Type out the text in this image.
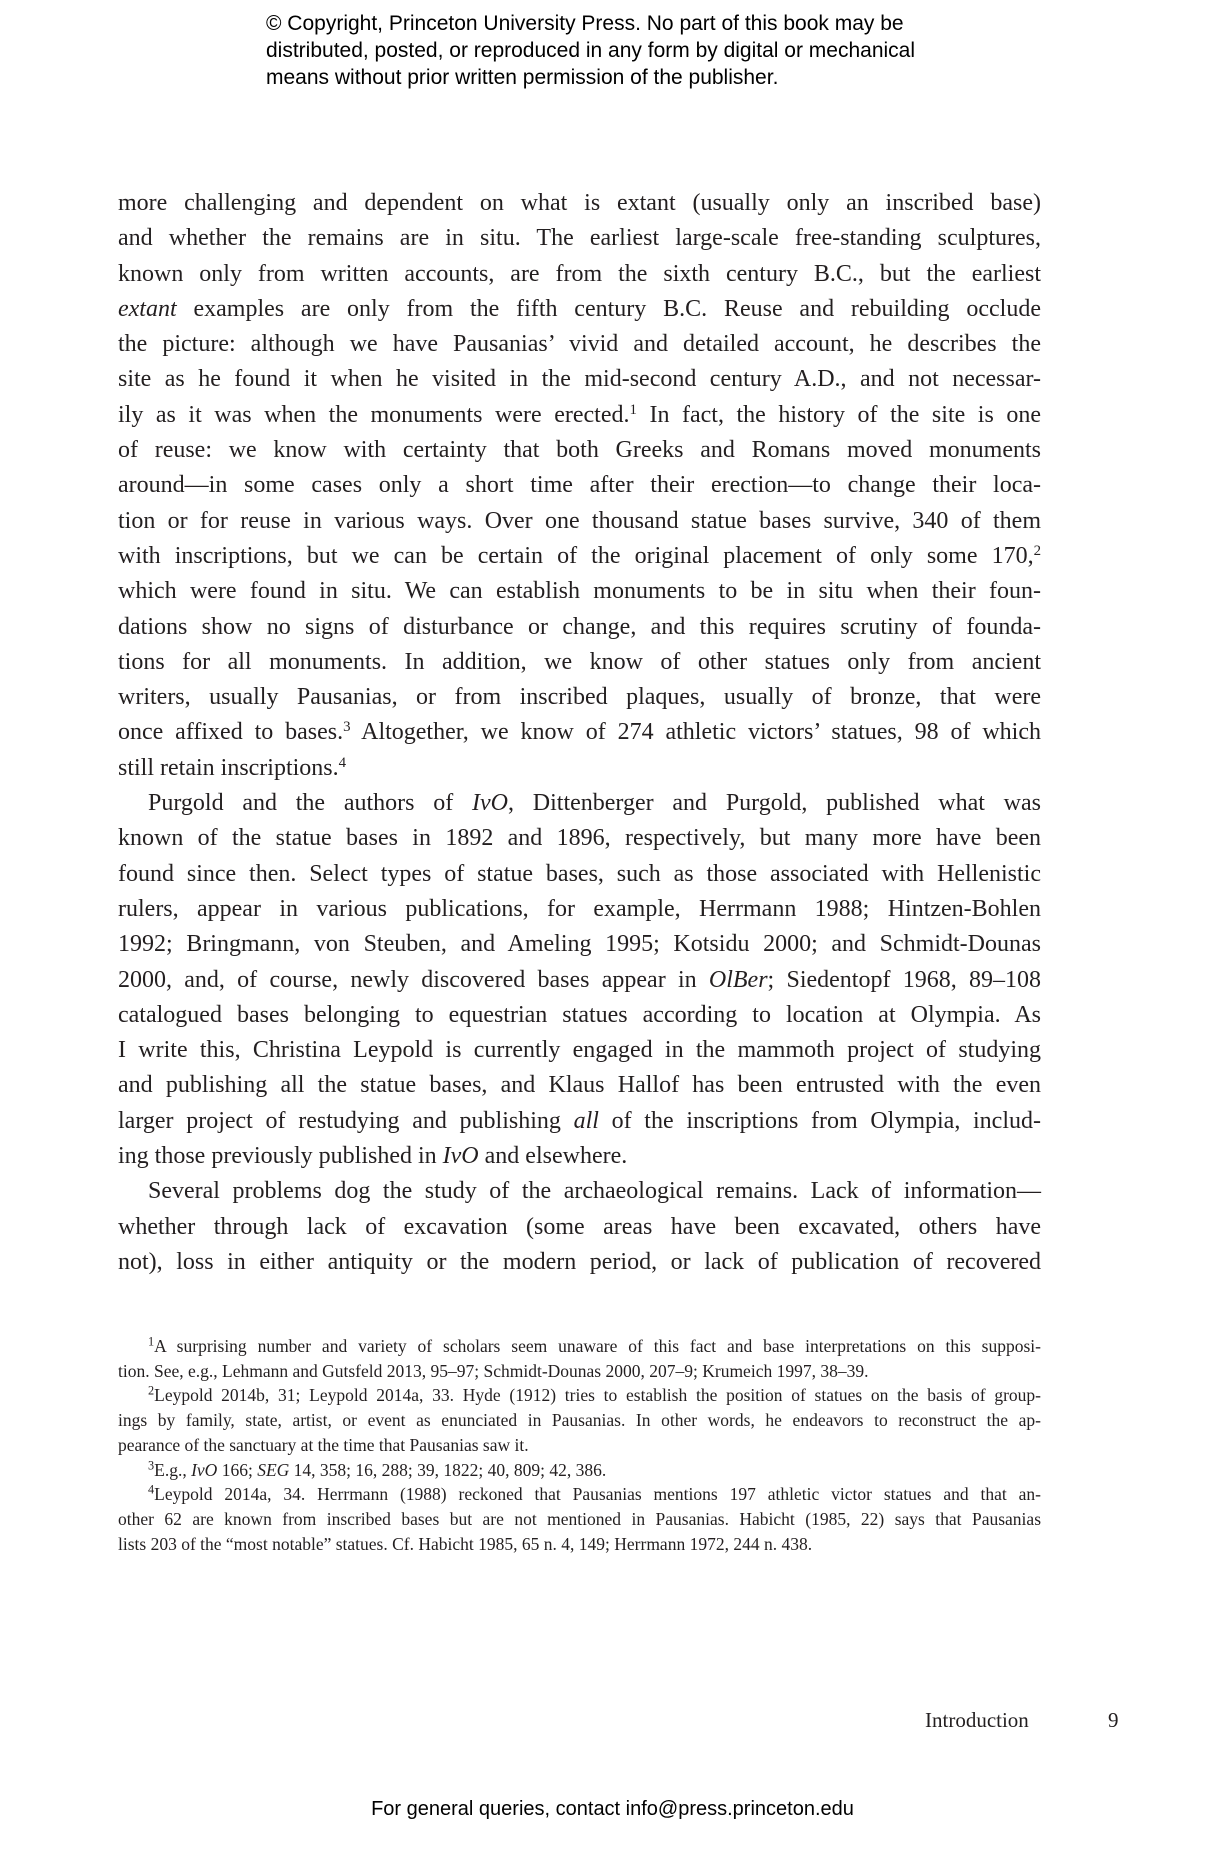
© Copyright, Princeton University Press. No part of this book may be
distributed, posted, or reproduced in any form by digital or mechanical
means without prior written permission of the publisher.
more challenging and dependent on what is extant (usually only an inscribed base)
and whether the remains are in situ. The earliest large-scale free-standing sculptures,
known only from written accounts, are from the sixth century B.C., but the earliest
extant examples are only from the fifth century B.C. Reuse and rebuilding occlude
the picture: although we have Pausanias’ vivid and detailed account, he describes the
site as he found it when he visited in the mid-second century A.D., and not necessar-
ily as it was when the monuments were erected.$^1$ In fact, the history of the site is one
of reuse: we know with certainty that both Greeks and Romans moved monuments
around—in some cases only a short time after their erection—to change their loca-
tion or for reuse in various ways. Over one thousand statue bases survive, 340 of them
with inscriptions, but we can be certain of the original placement of only some 170,$^2$
which were found in situ. We can establish monuments to be in situ when their foun-
dations show no signs of disturbance or change, and this requires scrutiny of founda-
tions for all monuments. In addition, we know of other statues only from ancient
writers, usually Pausanias, or from inscribed plaques, usually of bronze, that were
once affixed to bases.$^3$ Altogether, we know of 274 athletic victors’ statues, 98 of which
still retain inscriptions.$^4$
Purgold and the authors of IvO, Dittenberger and Purgold, published what was
known of the statue bases in 1892 and 1896, respectively, but many more have been
found since then. Select types of statue bases, such as those associated with Hellenistic
rulers, appear in various publications, for example, Herrmann 1988; Hintzen-Bohlen
1992; Bringmann, von Steuben, and Ameling 1995; Kotsidu 2000; and Schmidt-Dounas
2000, and, of course, newly discovered bases appear in OlBer; Siedentopf 1968, 89–108
catalogued bases belonging to equestrian statues according to location at Olympia. As
I write this, Christina Leypold is currently engaged in the mammoth project of studying
and publishing all the statue bases, and Klaus Hallof has been entrusted with the even
larger project of restudying and publishing all of the inscriptions from Olympia, includ-
ing those previously published in IvO and elsewhere.
Several problems dog the study of the archaeological remains. Lack of information—
whether through lack of excavation (some areas have been excavated, others have
not), loss in either antiquity or the modern period, or lack of publication of recovered
$^1$A surprising number and variety of scholars seem unaware of this fact and base interpretations on this supposi-
tion. See, e.g., Lehmann and Gutsfeld 2013, 95–97; Schmidt-Dounas 2000, 207–9; Krumeich 1997, 38–39.
$^2$Leypold 2014b, 31; Leypold 2014a, 33. Hyde (1912) tries to establish the position of statues on the basis of group-
ings by family, state, artist, or event as enunciated in Pausanias. In other words, he endeavors to reconstruct the ap-
pearance of the sanctuary at the time that Pausanias saw it.
$^3$E.g., IvO 166; SEG 14, 358; 16, 288; 39, 1822; 40, 809; 42, 386.
$^4$Leypold 2014a, 34. Herrmann (1988) reckoned that Pausanias mentions 197 athletic victor statues and that an-
other 62 are known from inscribed bases but are not mentioned in Pausanias. Habicht (1985, 22) says that Pausanias
lists 203 of the “most notable” statues. Cf. Habicht 1985, 65 n. 4, 149; Herrmann 1972, 244 n. 438.
Introduction	9
For general queries, contact info@press.princeton.edu
